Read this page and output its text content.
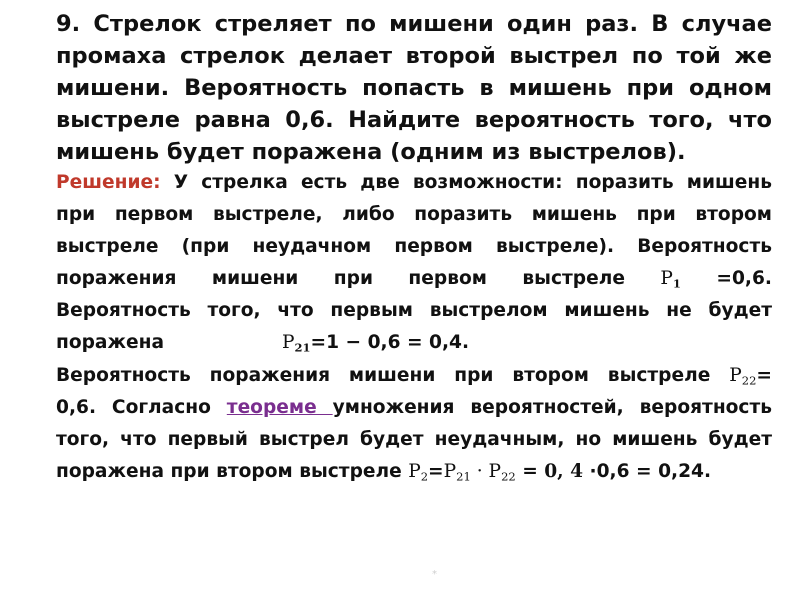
9. Стрелок стреляет по мишени один раз. В случае
промаха стрелок делает второй выстрел по той же
мишени. Вероятность попасть в мишень при одном
выстреле равна 0,6. Найдите вероятность того, что
мишень будет поражена (одним из выстрелов).
Решение: У стрелка есть две возможности: поразить мишень
при первом выстреле, либо поразить мишень при втором
выстреле (при неудачном первом выстреле). Вероятность
поражения мишени при первом выстреле $P_1 =0,6$.
Вероятность того, что первым выстрелом мишень не будет
поражена	$P_{21}=1 - 0,6 = 0,4$.
Вероятность поражения мишени при втором выстреле $P_{22}=$
0,6. Согласно теореме умножения вероятностей, вероятность
того, что первый выстрел будет неудачным, но мишень будет
поражена при втором выстреле $P_2=P_{21} \cdot P_{22} = 0$, 4 ·0,6 = 0,24.
*
